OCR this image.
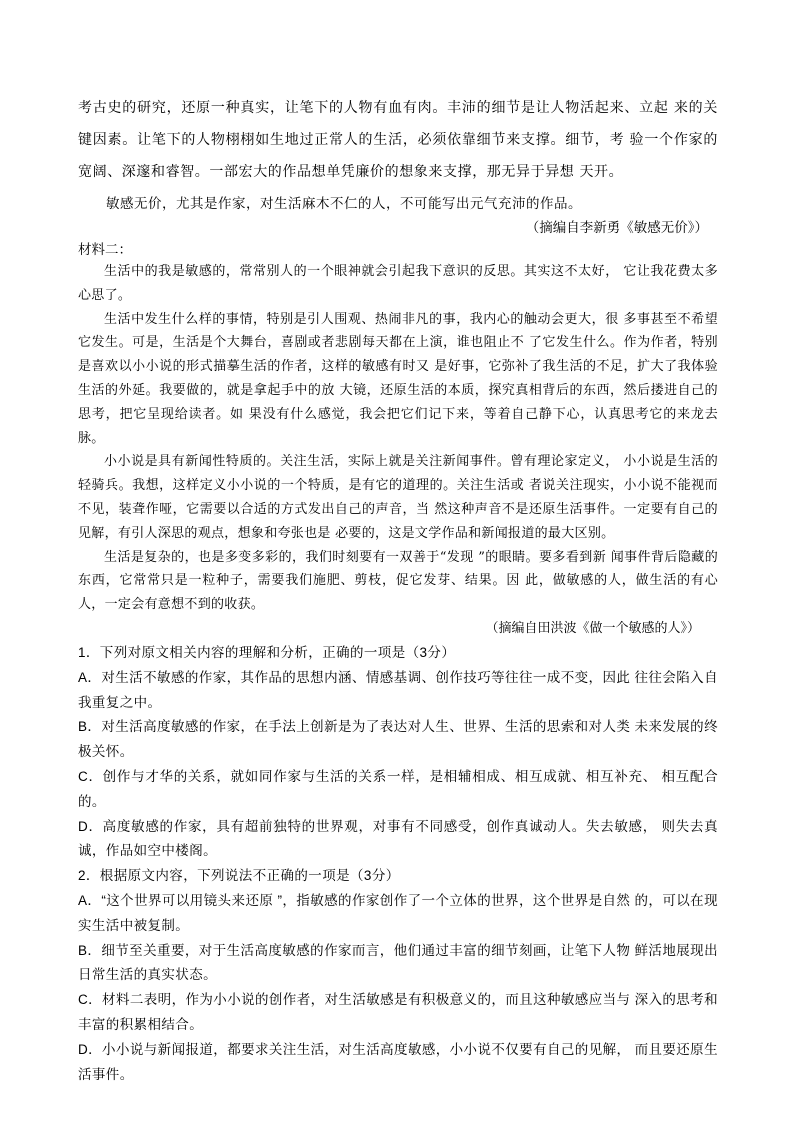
考古史的研究，还原一种真实，让笔下的人物有血有肉。丰沛的细节是让人物活起来、立起 来的关键因素。让笔下的人物栩栩如生地过正常人的生活，必须依靠细节来支撑。细节，考 验一个作家的宽阔、深邃和睿智。一部宏大的作品想单凭廉价的想象来支撑，那无异于异想 天开。

敏感无价，尤其是作家，对生活麻木不仁的人，不可能写出元气充沛的作品。

（摘编自李新勇《敏感无价》）

材料二：

生活中的我是敏感的，常常别人的一个眼神就会引起我下意识的反思。其实这不太好， 它让我花费太多心思了。

生活中发生什么样的事情，特别是引人围观、热闹非凡的事，我内心的触动会更大，很 多事甚至不希望它发生。可是，生活是个大舞台，喜剧或者悲剧每天都在上演，谁也阻止不 了它发生什么。作为作者，特别是喜欢以小小说的形式描摹生活的作者，这样的敏感有时又 是好事，它弥补了我生活的不足，扩大了我体验生活的外延。我要做的，就是拿起手中的放 大镜，还原生活的本质，探究真相背后的东西，然后搂进自己的思考，把它呈现给读者。如 果没有什么感觉，我会把它们记下来，等着自己静下心，认真思考它的来龙去脉。

小小说是具有新闻性特质的。关注生活，实际上就是关注新闻事件。曾有理论家定义， 小小说是生活的轻骑兵。我想，这样定义小小说的一个特质，是有它的道理的。关注生活或 者说关注现实，小小说不能视而不见，装聋作哑，它需要以合适的方式发出自己的声音，当 然这种声音不是还原生活事件。一定要有自己的见解，有引人深思的观点，想象和夸张也是 必要的，这是文学作品和新闻报道的最大区别。

生活是复杂的，也是多变多彩的，我们时刻要有一双善于“发现 ”的眼睛。要多看到新 闻事件背后隐藏的东西，它常常只是一粒种子，需要我们施肥、剪枝，促它发芽、结果。因 此，做敏感的人，做生活的有心人，一定会有意想不到的收获。

（摘编自田洪波《做一个敏感的人》）

1．下列对原文相关内容的理解和分析，正确的一项是（3分）

A．对生活不敏感的作家，其作品的思想内涵、情感基调、创作技巧等往往一成不变，因此 往往会陷入自我重复之中。

B．对生活高度敏感的作家，在手法上创新是为了表达对人生、世界、生活的思索和对人类 未来发展的终极关怀。

C．创作与才华的关系，就如同作家与生活的关系一样，是相辅相成、相互成就、相互补充、 相互配合的。

D．高度敏感的作家，具有超前独特的世界观，对事有不同感受，创作真诚动人。失去敏感， 则失去真诚，作品如空中楼阁。

2．根据原文内容，下列说法不正确的一项是（3分）

A．“这个世界可以用镜头来还原 ”，指敏感的作家创作了一个立体的世界，这个世界是自然 的，可以在现实生活中被复制。

B．细节至关重要，对于生活高度敏感的作家而言，他们通过丰富的细节刻画，让笔下人物 鲜活地展现出日常生活的真实状态。

C．材料二表明，作为小小说的创作者，对生活敏感是有积极意义的，而且这种敏感应当与 深入的思考和丰富的积累相结合。

D．小小说与新闻报道，都要求关注生活，对生活高度敏感，小小说不仅要有自己的见解， 而且要还原生活事件。
